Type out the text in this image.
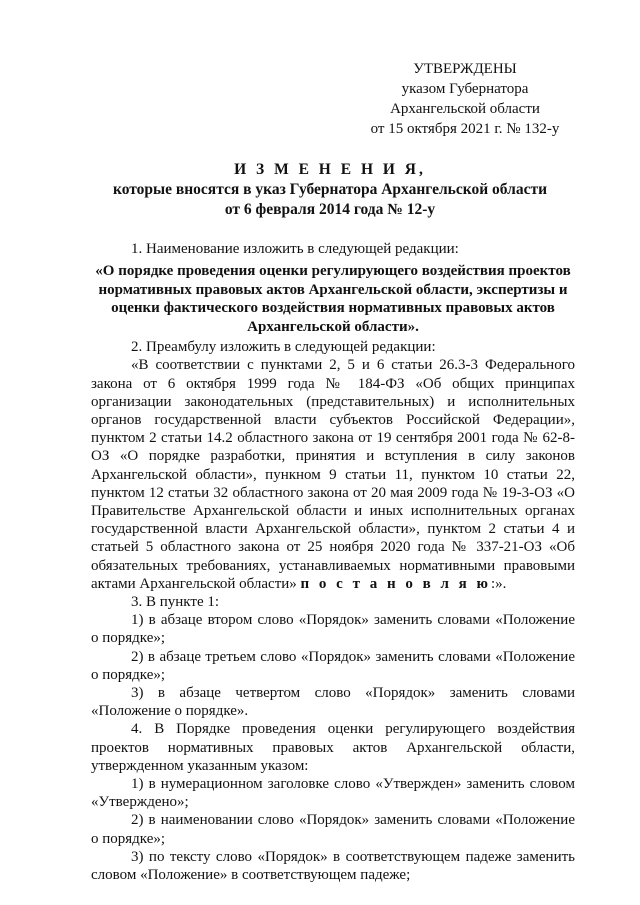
УТВЕРЖДЕНЫ
указом Губернатора
Архангельской области
от 15 октября 2021 г. № 132-у
И З М Е Н Е Н И Я,
которые вносятся в указ Губернатора Архангельской области
от 6 февраля 2014 года № 12-у

1. Наименование изложить в следующей редакции:

«О порядке проведения оценки регулирующего воздействия проектов нормативных правовых актов Архангельской области, экспертизы и оценки фактического воздействия нормативных правовых актов Архангельской области».

2. Преамбулу изложить в следующей редакции:

«В соответствии с пунктами 2, 5 и 6 статьи 26.3-3 Федерального закона от 6 октября 1999 года № 184-ФЗ «Об общих принципах организации законодательных (представительных) и исполнительных органов государственной власти субъектов Российской Федерации», пунктом 2 статьи 14.2 областного закона от 19 сентября 2001 года № 62-8-ОЗ «О порядке разработки, принятия и вступления в силу законов Архангельской области», пункном 9 статьи 11, пунктом 10 статьи 22, пунктом 12 статьи 32 областного закона от 20 мая 2009 года № 19-3-ОЗ «О Правительстве Архангельской области и иных исполнительных органах государственной власти Архангельской области», пунктом 2 статьи 4 и статьей 5 областного закона от 25 ноября 2020 года № 337-21-ОЗ «Об обязательных требованиях, устанавливаемых нормативными правовыми актами Архангельской области» п о с т а н о в л я ю:».

3. В пункте 1:

1) в абзаце втором слово «Порядок» заменить словами «Положение о порядке»;

2) в абзаце третьем слово «Порядок» заменить словами «Положение о порядке»;

3) в абзаце четвертом слово «Порядок» заменить словами «Положение о порядке».

4. В Порядке проведения оценки регулирующего воздействия проектов нормативных правовых актов Архангельской области, утвержденном указанным указом:

1) в нумерационном заголовке слово «Утвержден» заменить словом «Утверждено»;

2) в наименовании слово «Порядок» заменить словами «Положение о порядке»;

3) по тексту слово «Порядок» в соответствующем падеже заменить словом «Положение» в соответствующем падеже;
